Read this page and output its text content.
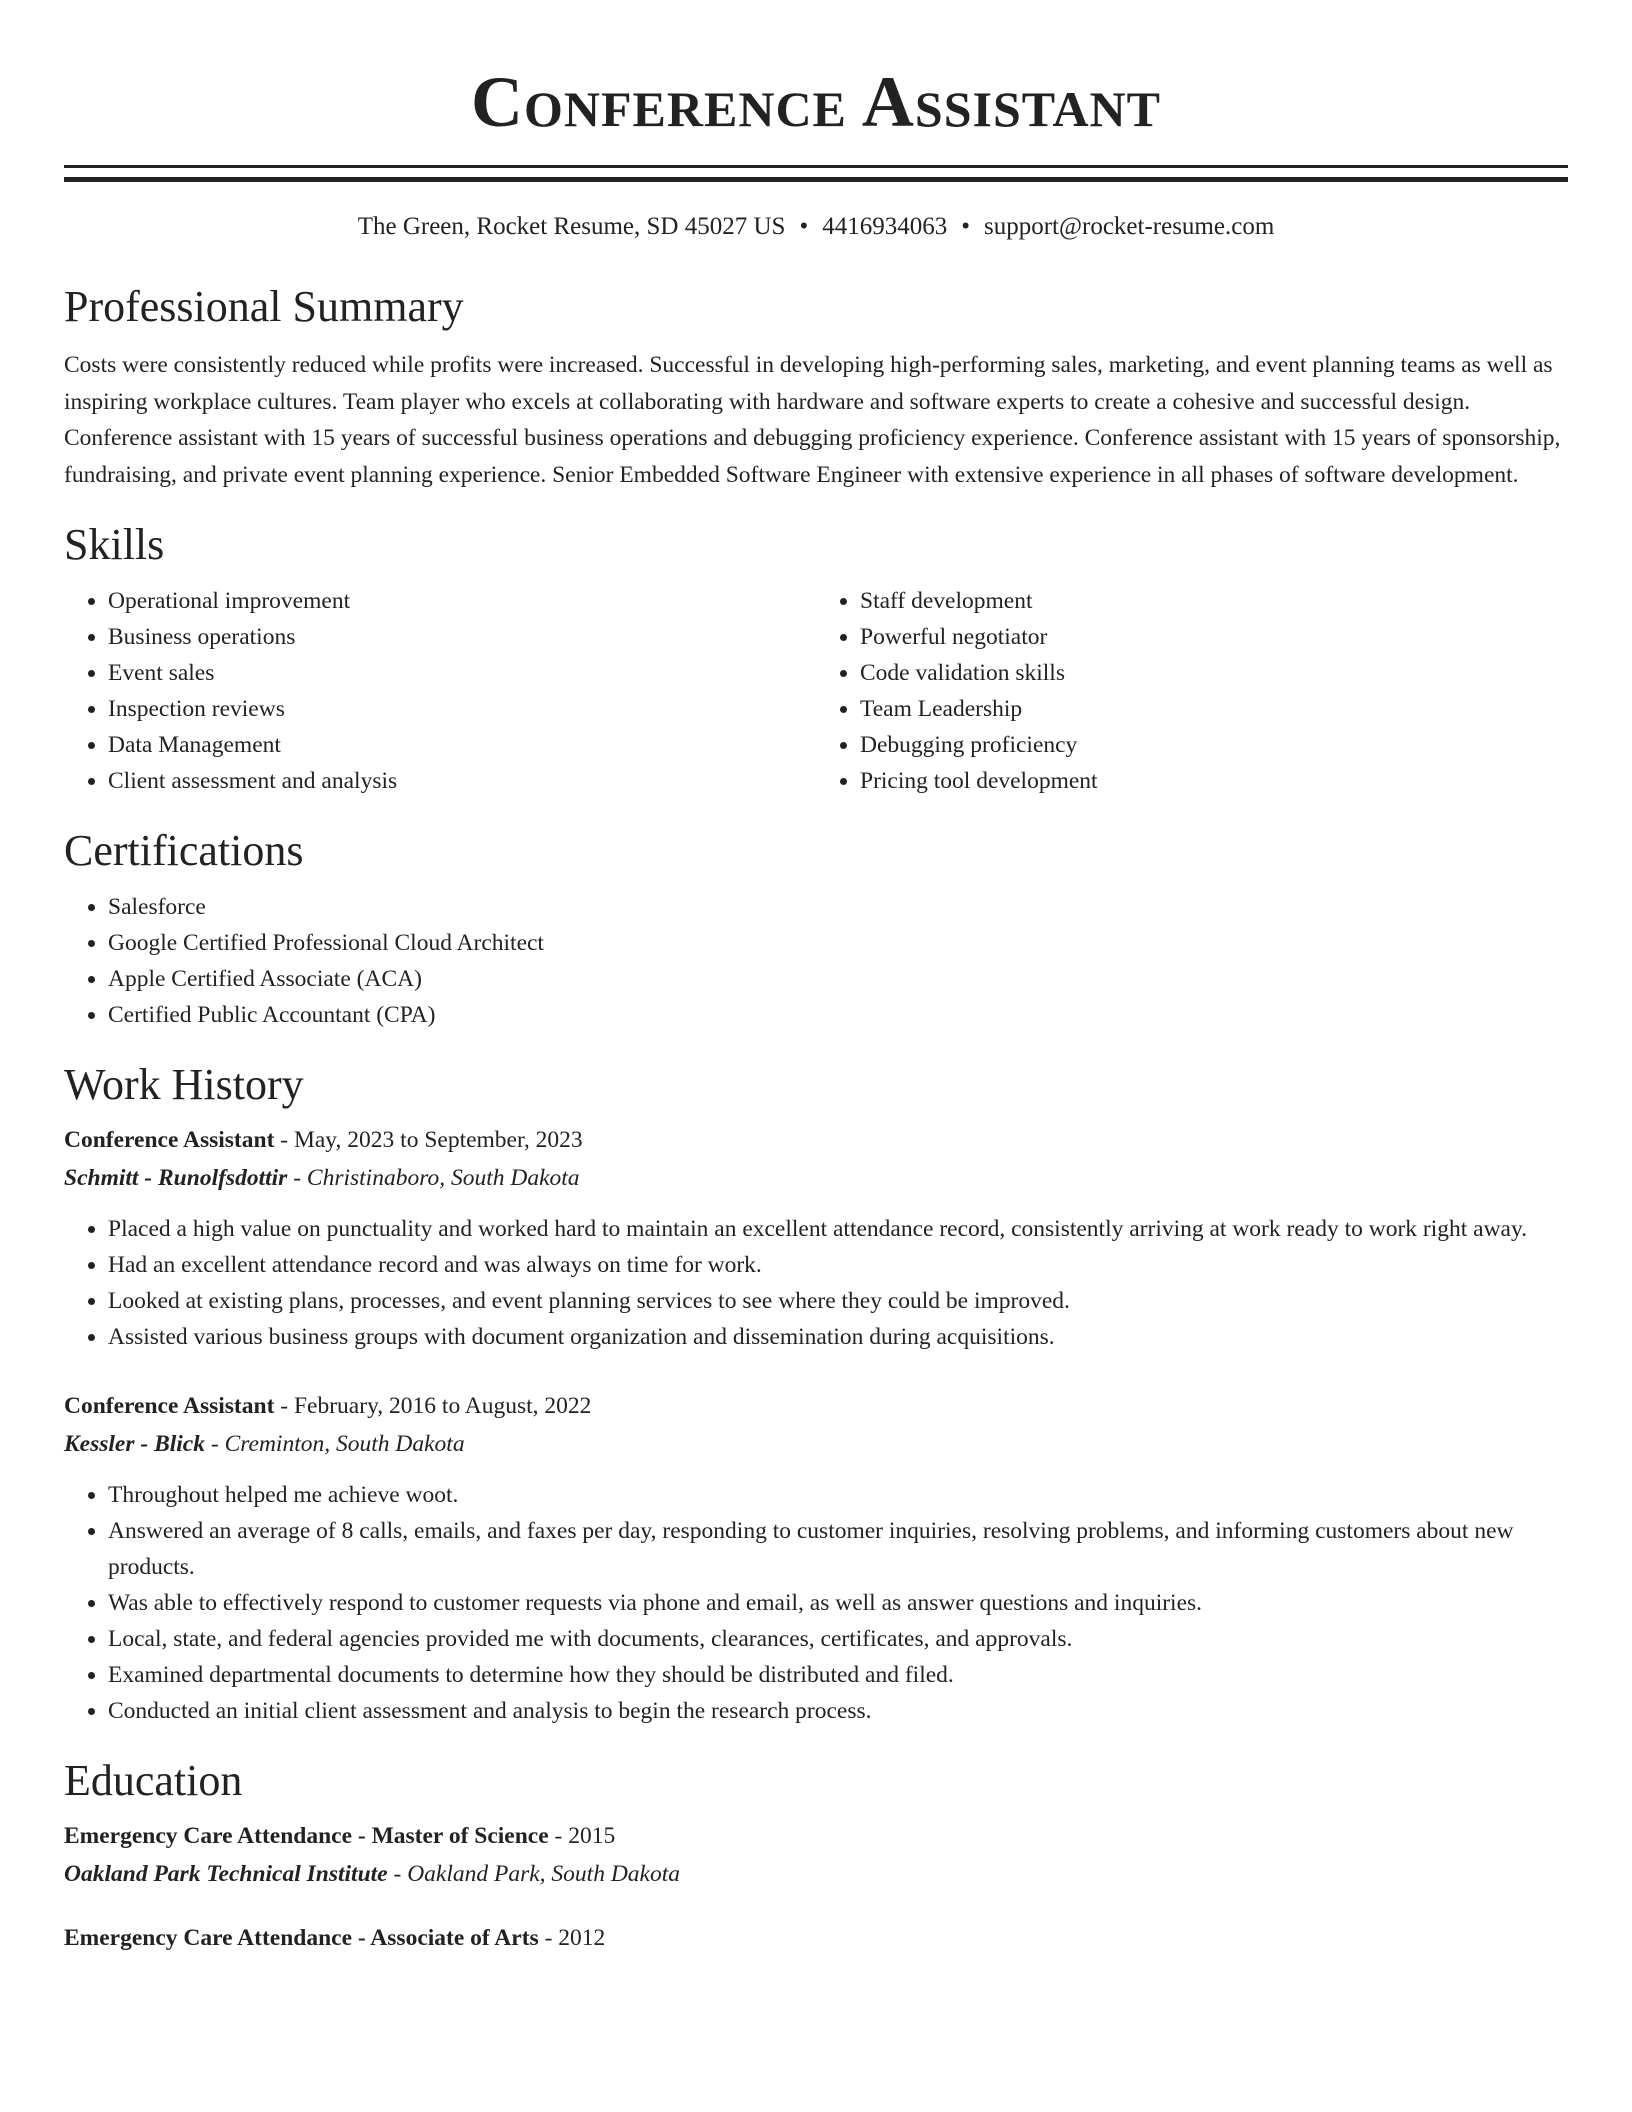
Conference Assistant
The Green, Rocket Resume, SD 45027 US • 4416934063 • support@rocket-resume.com
Professional Summary

Costs were consistently reduced while profits were increased. Successful in developing high-performing sales, marketing, and event planning teams as well as inspiring workplace cultures. Team player who excels at collaborating with hardware and software experts to create a cohesive and successful design. Conference assistant with 15 years of successful business operations and debugging proficiency experience. Conference assistant with 15 years of sponsorship, fundraising, and private event planning experience. Senior Embedded Software Engineer with extensive experience in all phases of software development.

Skills
• Operational improvement
• Business operations
• Event sales
• Inspection reviews
• Data Management
• Client assessment and analysis
• Staff development
• Powerful negotiator
• Code validation skills
• Team Leadership
• Debugging proficiency
• Pricing tool development
Certifications
• Salesforce
• Google Certified Professional Cloud Architect
• Apple Certified Associate (ACA)
• Certified Public Accountant (CPA)
Work History
Conference Assistant - May, 2023 to September, 2023
Schmitt - Runolfsdottir - Christinaboro, South Dakota
• Placed a high value on punctuality and worked hard to maintain an excellent attendance record, consistently arriving at work ready to work right away.
• Had an excellent attendance record and was always on time for work.
• Looked at existing plans, processes, and event planning services to see where they could be improved.
• Assisted various business groups with document organization and dissemination during acquisitions.
Conference Assistant - February, 2016 to August, 2022
Kessler - Blick - Creminton, South Dakota
• Throughout helped me achieve woot.
• Answered an average of 8 calls, emails, and faxes per day, responding to customer inquiries, resolving problems, and informing customers about new products.
• Was able to effectively respond to customer requests via phone and email, as well as answer questions and inquiries.
• Local, state, and federal agencies provided me with documents, clearances, certificates, and approvals.
• Examined departmental documents to determine how they should be distributed and filed.
• Conducted an initial client assessment and analysis to begin the research process.
Education
Emergency Care Attendance - Master of Science - 2015
Oakland Park Technical Institute - Oakland Park, South Dakota
Emergency Care Attendance - Associate of Arts - 2012
